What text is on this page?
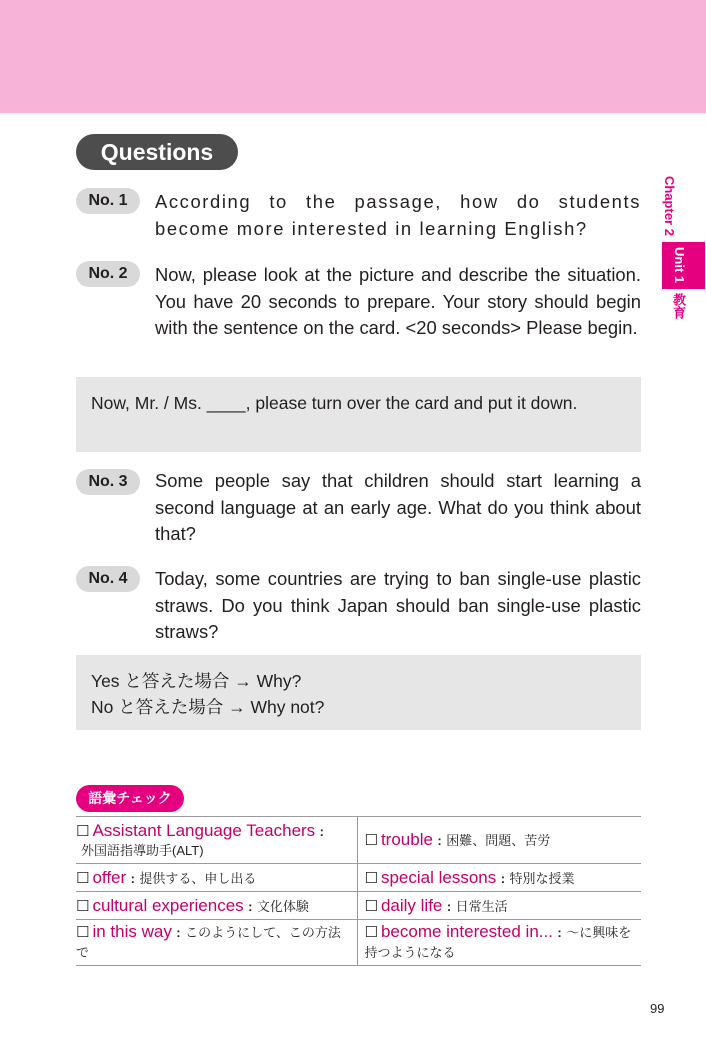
Questions
Chapter 2
Unit 1
教育
No. 1	According to the passage, how do students become more interested in learning English?

No. 2	Now, please look at the picture and describe the situation. You have 20 seconds to prepare. Your story should begin with the sentence on the card. <20 seconds> Please begin.

Now, Mr. / Ms. ____, please turn over the card and put it down.
No. 3	Some people say that children should start learning a second language at an early age. What do you think about that?

No. 4	Today, some countries are trying to ban single-use plastic straws. Do you think Japan should ban single-use plastic straws?

Yes と答えた場合 → Why?
No と答えた場合 → Why not?
語彙チェック
☐ Assistant Language Teachers :
外国語指導助手(ALT)	☐ trouble : 困難、問題、苦労
☐ offer : 提供する、申し出る	☐ special lessons : 特別な授業
☐ cultural experiences : 文化体験	☐ daily life : 日常生活
☐ in this way : このようにして、この方法で	☐ become interested in... : ～に興味を持つようになる
99
